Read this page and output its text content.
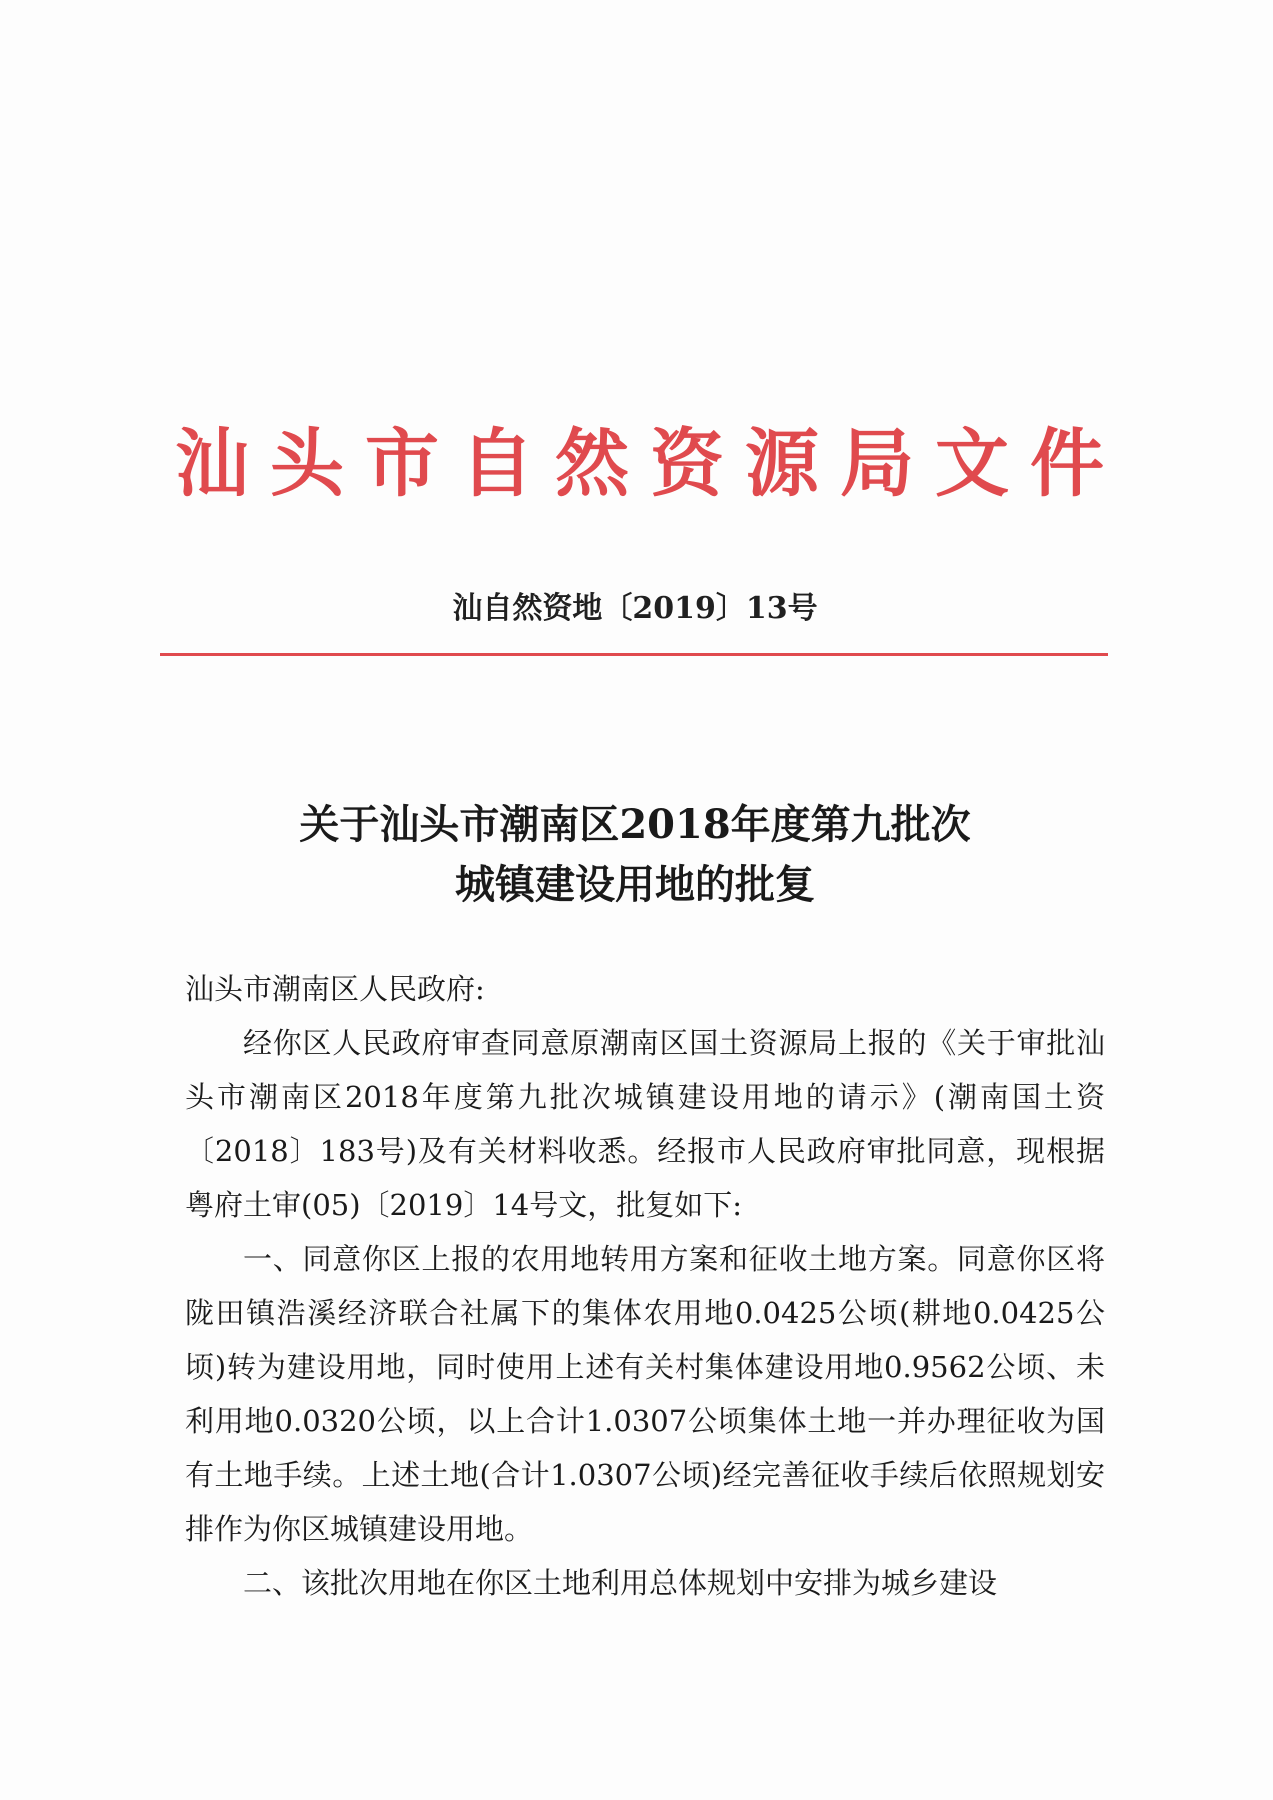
汕头市自然资源局文件
汕自然资地〔2019〕13号
关于汕头市潮南区2018年度第九批次
城镇建设用地的批复
汕头市潮南区人民政府:

经你区人民政府审查同意原潮南区国土资源局上报的《关于审批汕头市潮南区2018年度第九批次城镇建设用地的请示》(潮南国土资〔2018〕183号)及有关材料收悉。经报市人民政府审批同意，现根据粤府土审(05)〔2019〕14号文，批复如下:

一、同意你区上报的农用地转用方案和征收土地方案。同意你区将陇田镇浩溪经济联合社属下的集体农用地0.0425公顷(耕地0.0425公顷)转为建设用地，同时使用上述有关村集体建设用地0.9562公顷、未利用地0.0320公顷，以上合计1.0307公顷集体土地一并办理征收为国有土地手续。上述土地(合计1.0307公顷)经完善征收手续后依照规划安排作为你区城镇建设用地。

二、该批次用地在你区土地利用总体规划中安排为城乡建设
